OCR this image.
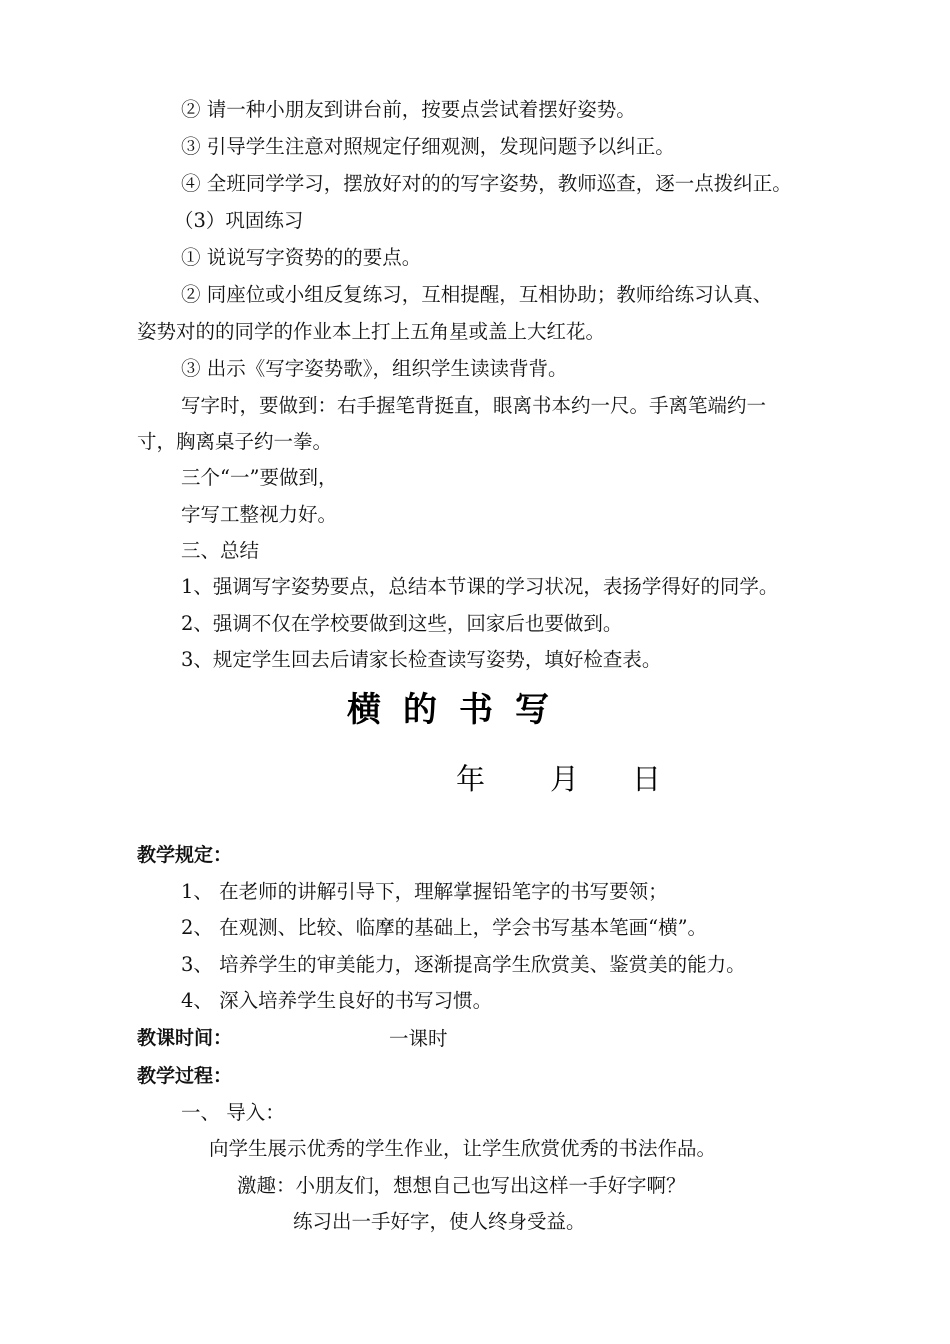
② 请一种小朋友到讲台前，按要点尝试着摆好姿势。
③ 引导学生注意对照规定仔细观测，发现问题予以纠正。
④ 全班同学学习，摆放好对的的写字姿势，教师巡查，逐一点拨纠正。
（3）巩固练习
① 说说写字资势的的要点。
② 同座位或小组反复练习，互相提醒，互相协助；教师给练习认真、
姿势对的的同学的作业本上打上五角星或盖上大红花。
③ 出示《写字姿势歌》，组织学生读读背背。
写字时，要做到：右手握笔背挺直，眼离书本约一尺。手离笔端约一
寸，胸离桌子约一拳。
三个“一”要做到，
字写工整视力好。
三、总结
1、强调写字姿势要点，总结本节课的学习状况，表扬学得好的同学。
2、强调不仅在学校要做到这些，回家后也要做到。
3、规定学生回去后请家长检查读写姿势，填好检查表。
横的书写
年 月 日
教学规定：
1、 在老师的讲解引导下，理解掌握铅笔字的书写要领；
2、 在观测、比较、临摩的基础上，学会书写基本笔画“横”。
3、 培养学生的审美能力，逐渐提高学生欣赏美、鉴赏美的能力。
4、 深入培养学生良好的书写习惯。
教课时间：	一课时
教学过程：
一、 导入：
向学生展示优秀的学生作业，让学生欣赏优秀的书法作品。
激趣：小朋友们，想想自己也写出这样一手好字啊？
练习出一手好字，使人终身受益。
